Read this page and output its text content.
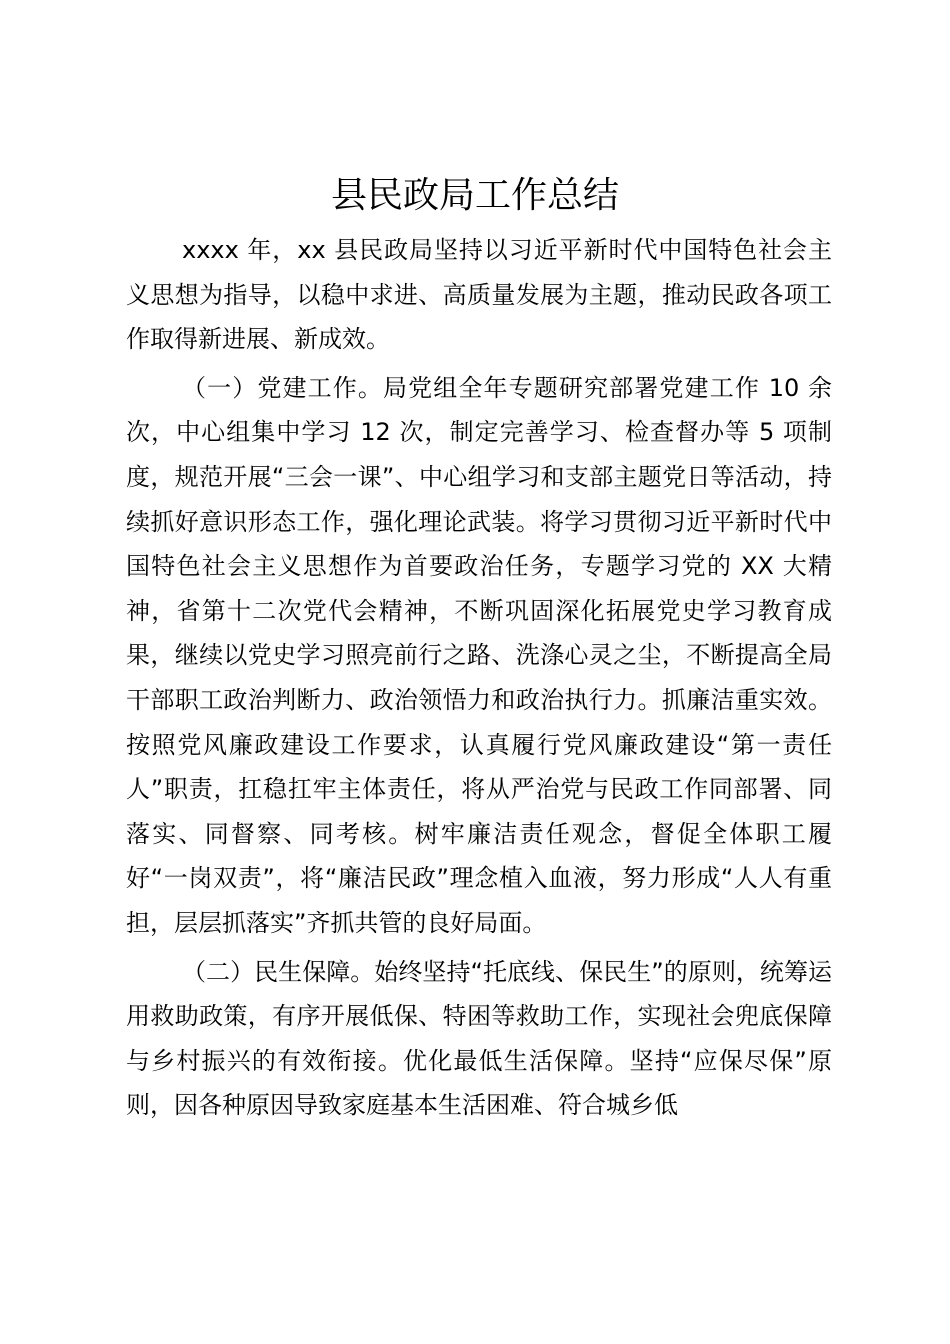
县民政局工作总结

xxxx 年，xx 县民政局坚持以习近平新时代中国特色社会主义思想为指导，以稳中求进、高质量发展为主题，推动民政各项工作取得新进展、新成效。

（一）党建工作。局党组全年专题研究部署党建工作 10 余次，中心组集中学习 12 次，制定完善学习、检查督办等 5 项制度，规范开展“三会一课”、中心组学习和支部主题党日等活动，持续抓好意识形态工作，强化理论武装。将学习贯彻习近平新时代中国特色社会主义思想作为首要政治任务，专题学习党的 XX 大精神，省第十二次党代会精神，不断巩固深化拓展党史学习教育成果，继续以党史学习照亮前行之路、洗涤心灵之尘，不断提高全局干部职工政治判断力、政治领悟力和政治执行力。抓廉洁重实效。按照党风廉政建设工作要求，认真履行党风廉政建设“第一责任人”职责，扛稳扛牢主体责任，将从严治党与民政工作同部署、同落实、同督察、同考核。树牢廉洁责任观念，督促全体职工履好“一岗双责”，将“廉洁民政”理念植入血液，努力形成“人人有重担，层层抓落实”齐抓共管的良好局面。

（二）民生保障。始终坚持“托底线、保民生”的原则，统筹运用救助政策，有序开展低保、特困等救助工作，实现社会兜底保障与乡村振兴的有效衔接。优化最低生活保障。坚持“应保尽保”原则，因各种原因导致家庭基本生活困难、符合城乡低
